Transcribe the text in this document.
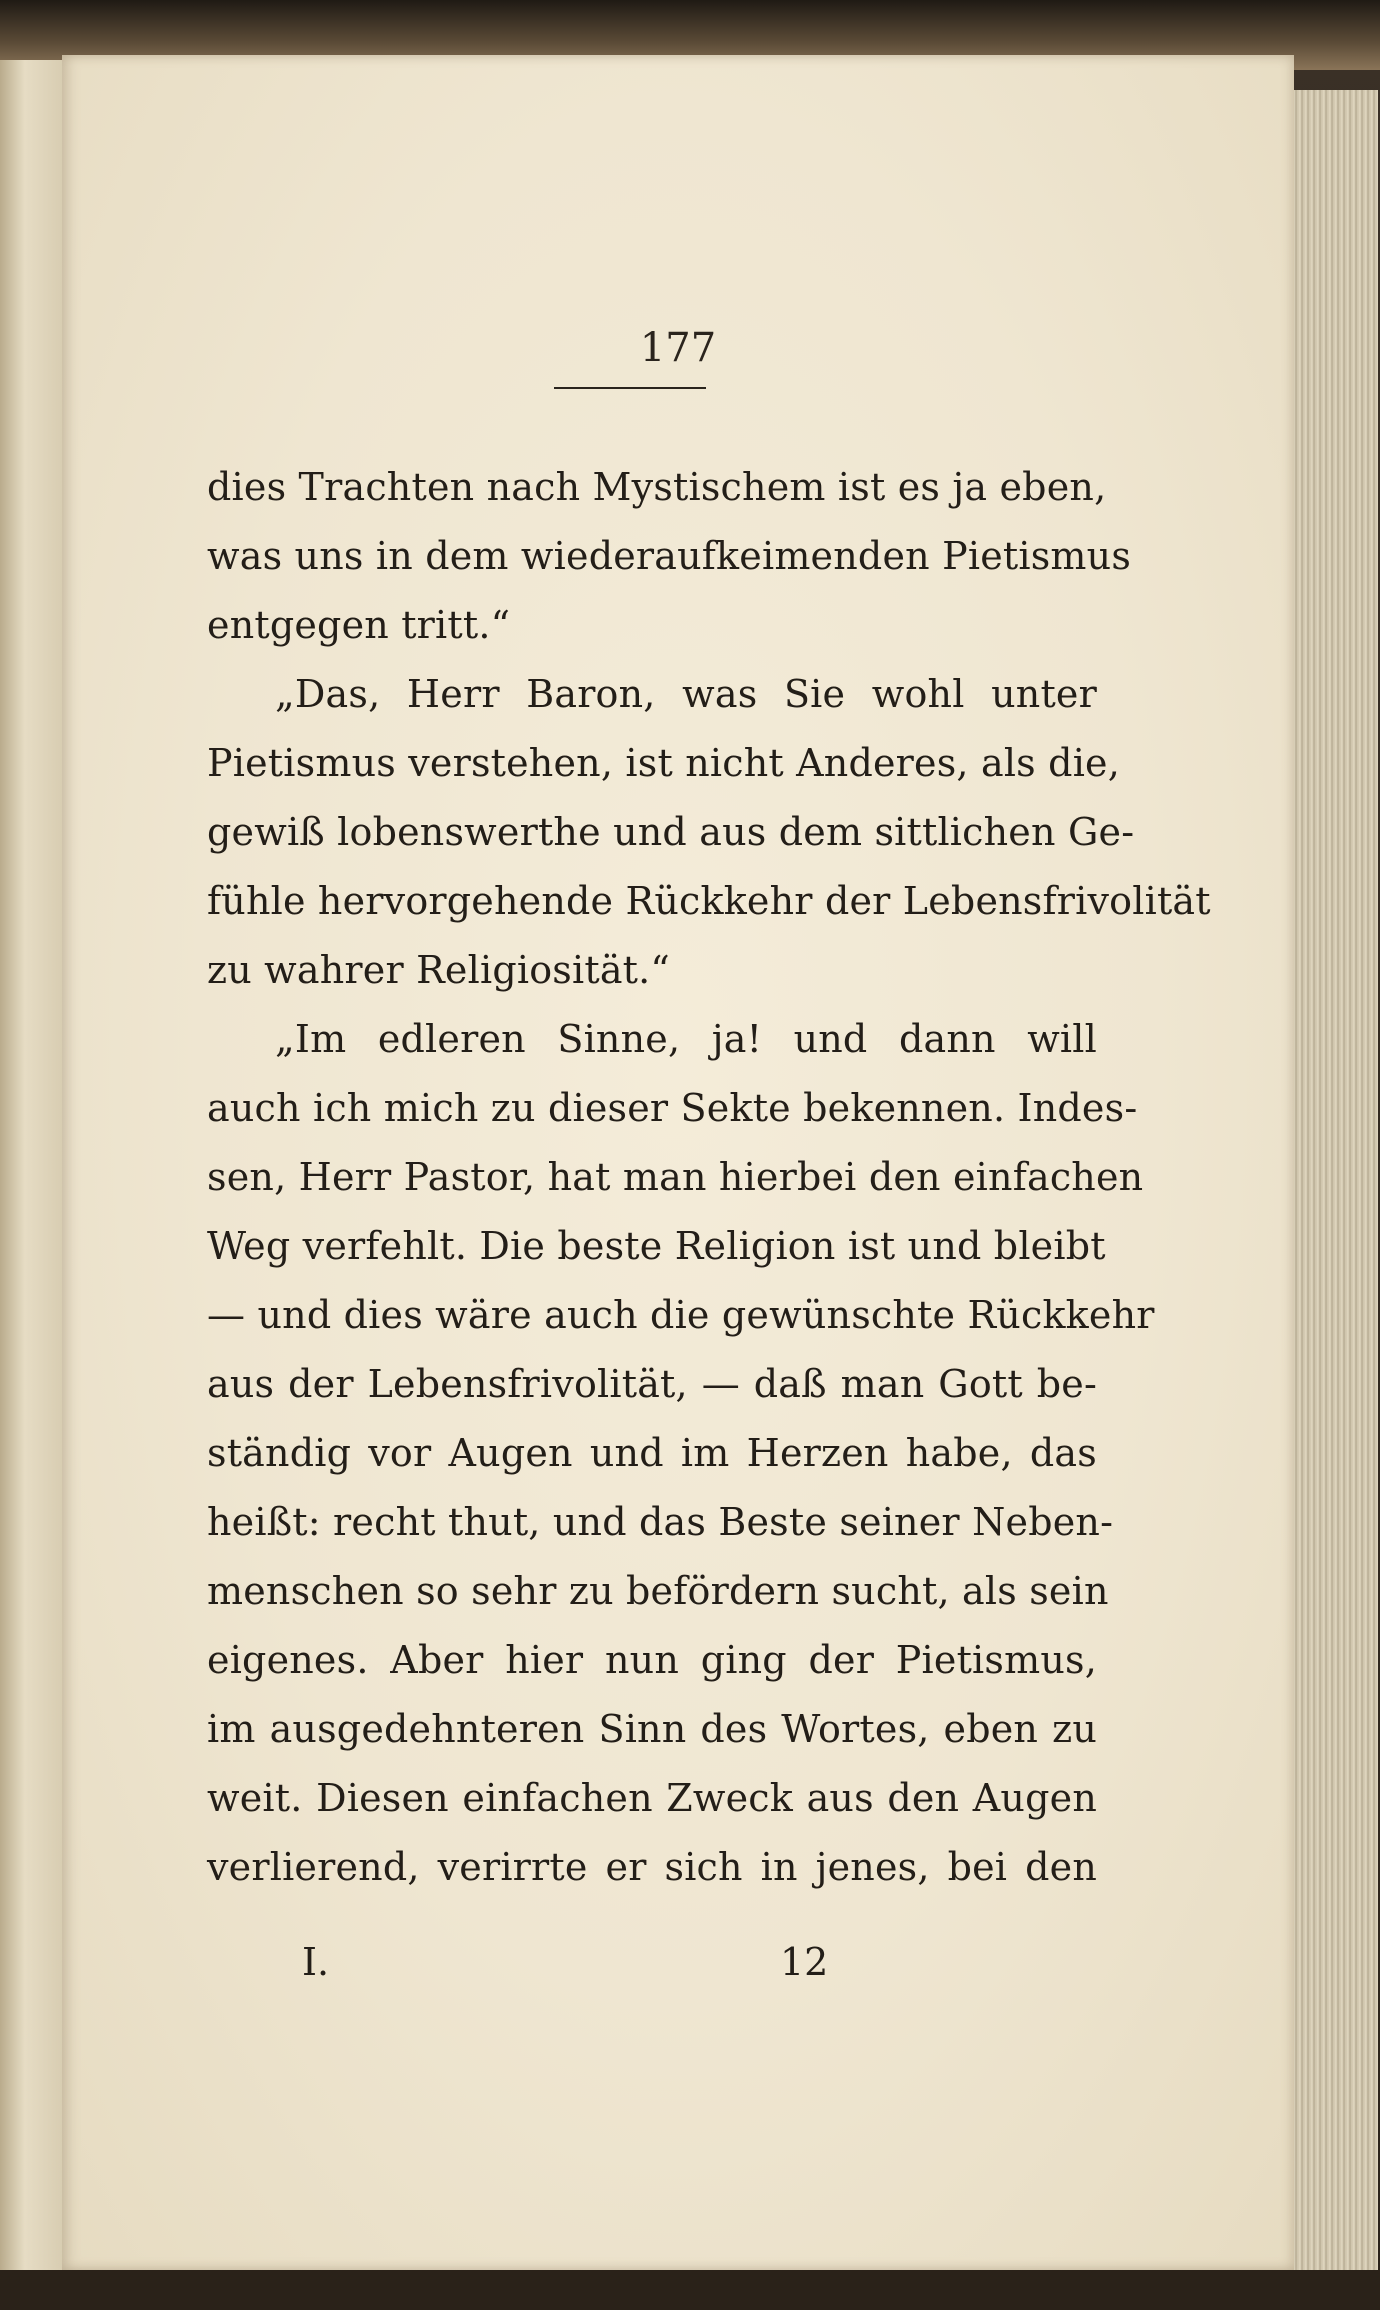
177
dies Trachten nach Mystischem ist es ja eben,
was uns in dem wiederaufkeimenden Pietismus
entgegen tritt.“
„Das, Herr Baron, was Sie wohl unter
Pietismus verstehen, ist nicht Anderes, als die,
gewiß lobenswerthe und aus dem sittlichen Ge-
fühle hervorgehende Rückkehr der Lebensfrivolität
zu wahrer Religiosität.“
„Im edleren Sinne, ja! und dann will
auch ich mich zu dieser Sekte bekennen. Indes-
sen, Herr Pastor, hat man hierbei den einfachen
Weg verfehlt. Die beste Religion ist und bleibt
— und dies wäre auch die gewünschte Rückkehr
aus der Lebensfrivolität, — daß man Gott be-
ständig vor Augen und im Herzen habe, das
heißt: recht thut, und das Beste seiner Neben-
menschen so sehr zu befördern sucht, als sein
eigenes. Aber hier nun ging der Pietismus,
im ausgedehnteren Sinn des Wortes, eben zu
weit. Diesen einfachen Zweck aus den Augen
verlierend, verirrte er sich in jenes, bei den
I.	12
